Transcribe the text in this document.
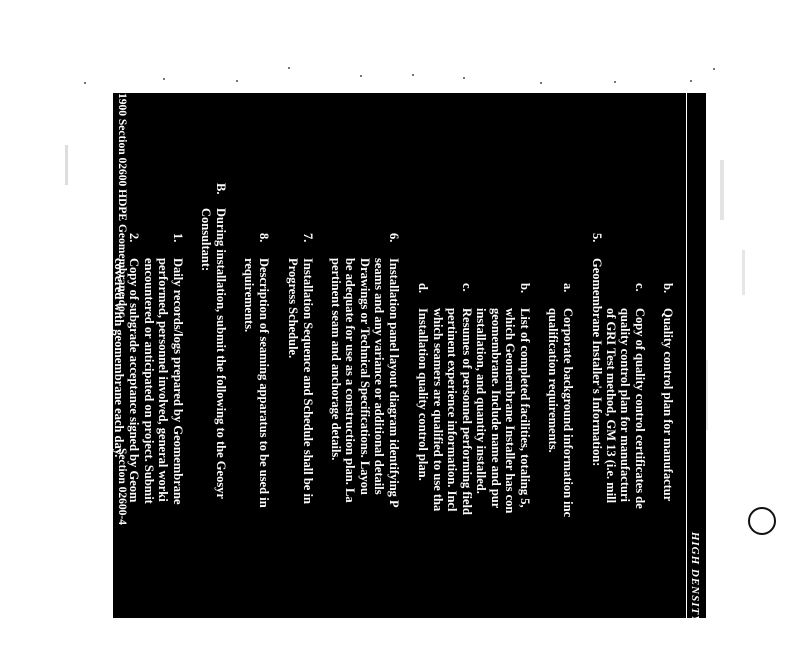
HIGH DENSITY POLY
b.
Quality control plan for manufactur
c.
Copy of quality control certificates de
quality control plan for manufacturi
of GRI Test method, GM 13 (i.e. mill
5.
Geomembrane Installer's Information:
a.
Corporate background information inc
qualification requirements.
b.
List of completed facilities, totaling 5,
which Geomembrane Installer has con
geomembrane. Include name and pur
installation, and quantity installed.
c.
Resumes of personnel performing field
pertinent experience information. Incl
which seamers are qualified to use tha
d.
Installation quality control plan.
6.
Installation panel layout diagram identifying P
seams and any variance or additional details
Drawings or Technical Specifications. Layou
be adequate for use as a construction plan. La
pertinent seam and anchorage details.
7.
Installation Sequence and Schedule shall be in
Progress Schedule.
8.
Description of seaming apparatus to be used in
requirements.
B.
During installation, submit the following to the Geosyr
Consultant:
1.
Daily records/logs prepared by Geomembrane
performed, personnel involved, general worki
encountered or anticipated on project. Submit
2.
Copy of subgrade acceptance signed by Geom
covered with geomembrane each day.
C.
Within 10 days of geomembrane installation completio
Geosynthetic Quality Assurance Consultant:
1.
Geomembrane installation certification that W
Geomembrane Installer's approved quality con
compliance with Technical Specifications and
1900 Section 02600 HDPE Geomembrane.doc
Section 02600-4
